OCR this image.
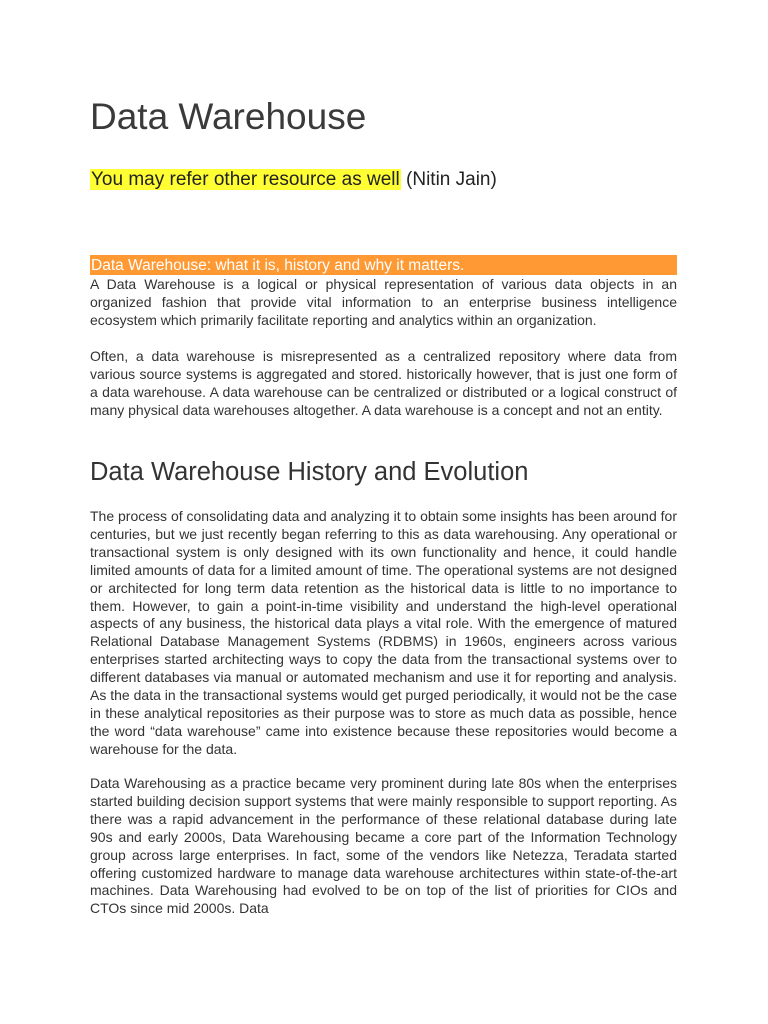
Data Warehouse
You may refer other resource as well (Nitin Jain)
Data Warehouse: what it is, history and why it matters.

A Data Warehouse is a logical or physical representation of various data objects in an organized fashion that provide vital information to an enterprise business intelligence ecosystem which primarily facilitate reporting and analytics within an organization.

Often, a data warehouse is misrepresented as a centralized repository where data from various source systems is aggregated and stored. historically however, that is just one form of a data warehouse. A data warehouse can be centralized or distributed or a logical construct of many physical data warehouses altogether. A data warehouse is a concept and not an entity.

Data Warehouse History and Evolution

The process of consolidating data and analyzing it to obtain some insights has been around for centuries, but we just recently began referring to this as data warehousing. Any operational or transactional system is only designed with its own functionality and hence, it could handle limited amounts of data for a limited amount of time. The operational systems are not designed or architected for long term data retention as the historical data is little to no importance to them. However, to gain a point-in-time visibility and understand the high-level operational aspects of any business, the historical data plays a vital role. With the emergence of matured Relational Database Management Systems (RDBMS) in 1960s, engineers across various enterprises started architecting ways to copy the data from the transactional systems over to different databases via manual or automated mechanism and use it for reporting and analysis. As the data in the transactional systems would get purged periodically, it would not be the case in these analytical repositories as their purpose was to store as much data as possible, hence the word “data warehouse” came into existence because these repositories would become a warehouse for the data.

Data Warehousing as a practice became very prominent during late 80s when the enterprises started building decision support systems that were mainly responsible to support reporting. As there was a rapid advancement in the performance of these relational database during late 90s and early 2000s, Data Warehousing became a core part of the Information Technology group across large enterprises. In fact, some of the vendors like Netezza, Teradata started offering customized hardware to manage data warehouse architectures within state-of-the-art machines. Data Warehousing had evolved to be on top of the list of priorities for CIOs and CTOs since mid 2000s. Data
